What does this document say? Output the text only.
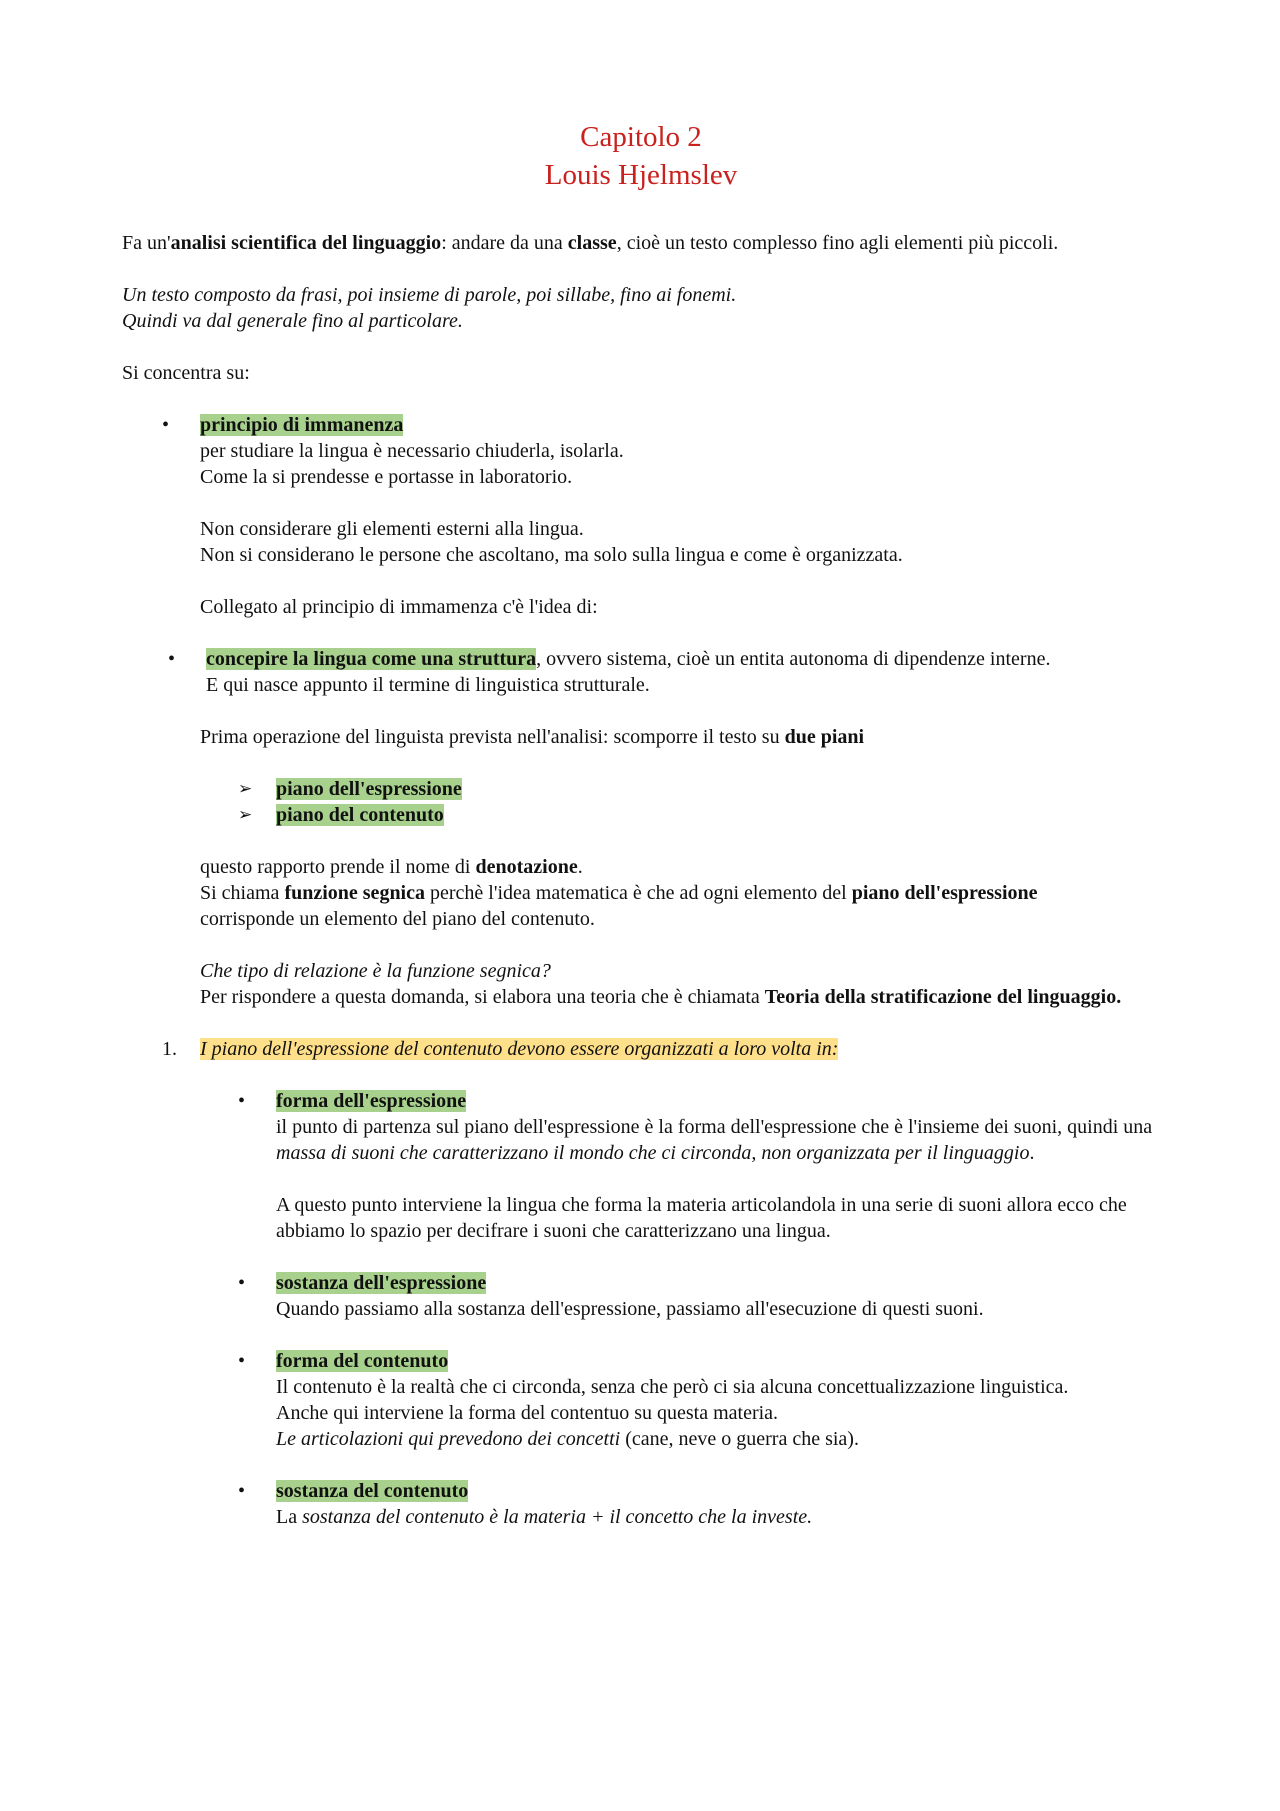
Capitolo 2
Louis Hjelmslev

Fa un'analisi scientifica del linguaggio: andare da una classe, cioè un testo complesso fino agli elementi più piccoli.

Un testo composto da frasi, poi insieme di parole, poi sillabe, fino ai fonemi.
Quindi va dal generale fino al particolare.

Si concentra su:

• principio di immanenza
per studiare la lingua è necessario chiuderla, isolarla.
Come la si prendesse e portasse in laboratorio.
Non considerare gli elementi esterni alla lingua.
Non si considerano le persone che ascoltano, ma solo sulla lingua e come è organizzata.
Collegato al principio di immamenza c'è l'idea di:
• concepire la lingua come una struttura, ovvero sistema, cioè un entita autonoma di dipendenze interne.
E qui nasce appunto il termine di linguistica strutturale.

Prima operazione del linguista prevista nell'analisi: scomporre il testo su due piani

➢ piano dell'espressione
➢ piano del contenuto

questo rapporto prende il nome di denotazione.
Si chiama funzione segnica perchè l'idea matematica è che ad ogni elemento del piano dell'espressione
corrisponde un elemento del piano del contenuto.

Che tipo di relazione è la funzione segnica?
Per rispondere a questa domanda, si elabora una teoria che è chiamata Teoria della stratificazione del linguaggio.

1. I piano dell'espressione del contenuto devono essere organizzati a loro volta in:
• forma dell'espressione
il punto di partenza sul piano dell'espressione è la forma dell'espressione che è l'insieme dei suoni, quindi una massa di suoni che caratterizzano il mondo che ci circonda, non organizzata per il linguaggio.
A questo punto interviene la lingua che forma la materia articolandola in una serie di suoni allora ecco che abbiamo lo spazio per decifrare i suoni che caratterizzano una lingua.
• sostanza dell'espressione
Quando passiamo alla sostanza dell'espressione, passiamo all'esecuzione di questi suoni.
• forma del contenuto
Il contenuto è la realtà che ci circonda, senza che però ci sia alcuna concettualizzazione linguistica.
Anche qui interviene la forma del contentuo su questa materia.
Le articolazioni qui prevedono dei concetti (cane, neve o guerra che sia).
• sostanza del contenuto
La sostanza del contenuto è la materia + il concetto che la investe.
